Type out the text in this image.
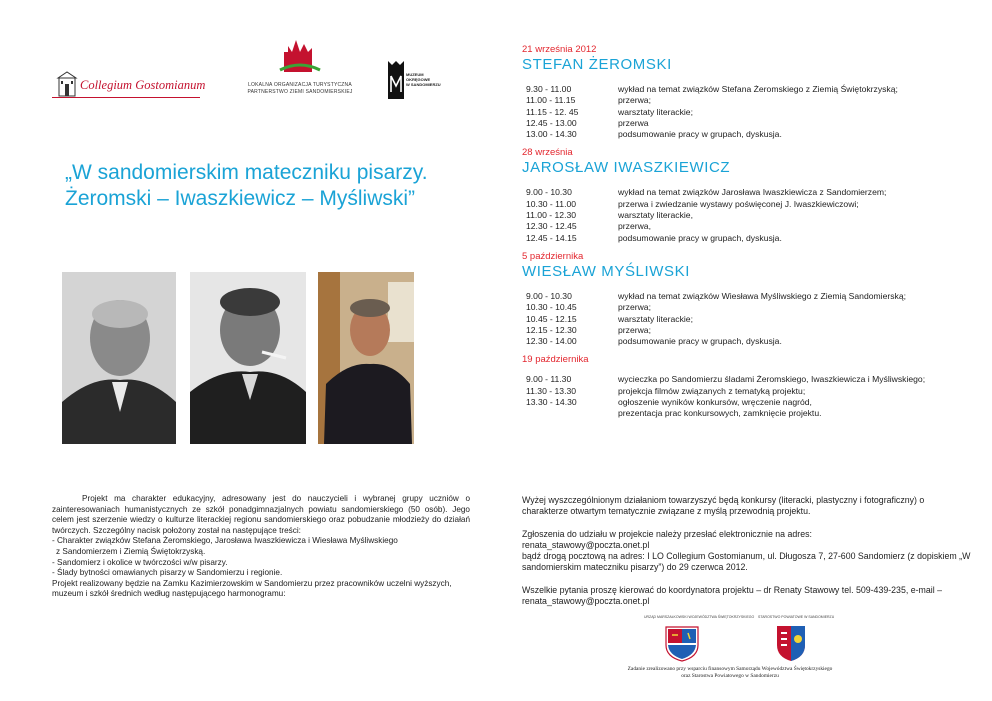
Collegium Gostomianum	LOKALNA ORGANIZACJA TURYSTYCZNA
PARTNERSTWO ZIEMI SANDOMIERSKIEJ
MUZEUM
OKRĘGOWE
W SANDOMIERZU
„W sandomierskim mateczniku pisarzy.
Żeromski – Iwaszkiewicz – Myśliwski”

Projekt ma charakter edukacyjny, adresowany jest do nauczycieli i wybranej grupy uczniów o zainteresowaniach humanistycznych ze szkół ponadgimnazjalnych powiatu sandomierskiego (50 osób). Jego celem jest szerzenie wiedzy o kulturze literackiej regionu sandomierskiego oraz pobudzanie młodzieży do działań twórczych. Szczególny nacisk położony został na następujące treści:

- Charakter związków Stefana Żeromskiego, Jarosława Iwaszkiewicza i Wiesława Myśliwskiego

z Sandomierzem i Ziemią Świętokrzyską.

- Sandomierz i okolice w twórczości w/w pisarzy.

- Ślady bytności omawianych pisarzy w Sandomierzu i regionie.

Projekt realizowany będzie na Zamku Kazimierzowskim w Sandomierzu przez pracowników uczelni wyższych, muzeum i szkół średnich według następującego harmonogramu:

21 września 2012
STEFAN ŻEROMSKI
9.30 - 11.00	wykład na temat związków Stefana Żeromskiego z Ziemią Świętokrzyską;
11.00 - 11.15	przerwa;
11.15 - 12. 45	warsztaty literackie;
12.45 - 13.00	przerwa
13.00 - 14.30	podsumowanie pracy w grupach, dyskusja.
28 września
JAROSŁAW IWASZKIEWICZ
9.00 - 10.30	wykład na temat związków Jarosława Iwaszkiewicza z Sandomierzem;
10.30 - 11.00	przerwa i zwiedzanie wystawy poświęconej J. Iwaszkiewiczowi;
11.00 - 12.30	warsztaty literackie,
12.30 - 12.45	przerwa,
12.45 - 14.15	podsumowanie pracy w grupach, dyskusja.
5 października
WIESŁAW MYŚLIWSKI
9.00 - 10.30	wykład na temat związków Wiesława Myśliwskiego z Ziemią Sandomierską;
10.30 - 10.45	przerwa;
10.45 - 12.15	warsztaty literackie;
12.15 - 12.30	przerwa;
12.30 - 14.00	podsumowanie pracy w grupach, dyskusja.
19 października
9.00 - 11.30	wycieczka po Sandomierzu śladami Żeromskiego, Iwaszkiewicza i Myśliwskiego;
11.30 - 13.30	projekcja filmów związanych z tematyką projektu;
13.30 - 14.30	ogłoszenie wyników konkursów, wręczenie nagród,
prezentacja prac konkursowych, zamknięcie projektu.

Wyżej wyszczególnionym działaniom towarzyszyć będą konkursy (literacki, plastyczny i fotograficzny) o charakterze otwartym tematycznie związane z myślą przewodnią projektu.

Zgłoszenia do udziału w projekcie należy przesłać elektronicznie na adres:
renata_stawowy@poczta.onet.pl
bądź drogą pocztową na adres: I LO Collegium Gostomianum, ul. Długosza 7, 27-600 Sandomierz (z dopiskiem „W sandomierskim mateczniku pisarzy”) do 29 czerwca 2012.

Wszelkie pytania proszę kierować do koordynatora projektu – dr Renaty Stawowy tel. 509-439-235, e-mail – renata_stawowy@poczta.onet.pl

URZĄD MARSZAŁKOWSKI WOJEWÓDZTWA ŚWIĘTOKRZYSKIEGO STAROSTWO POWIATOWE W SANDOMIERZU
Zadanie zrealizowano przy wsparciu finansowym Samorządu Województwa Świętokrzyskiego
oraz Starostwa Powiatowego w Sandomierzu
